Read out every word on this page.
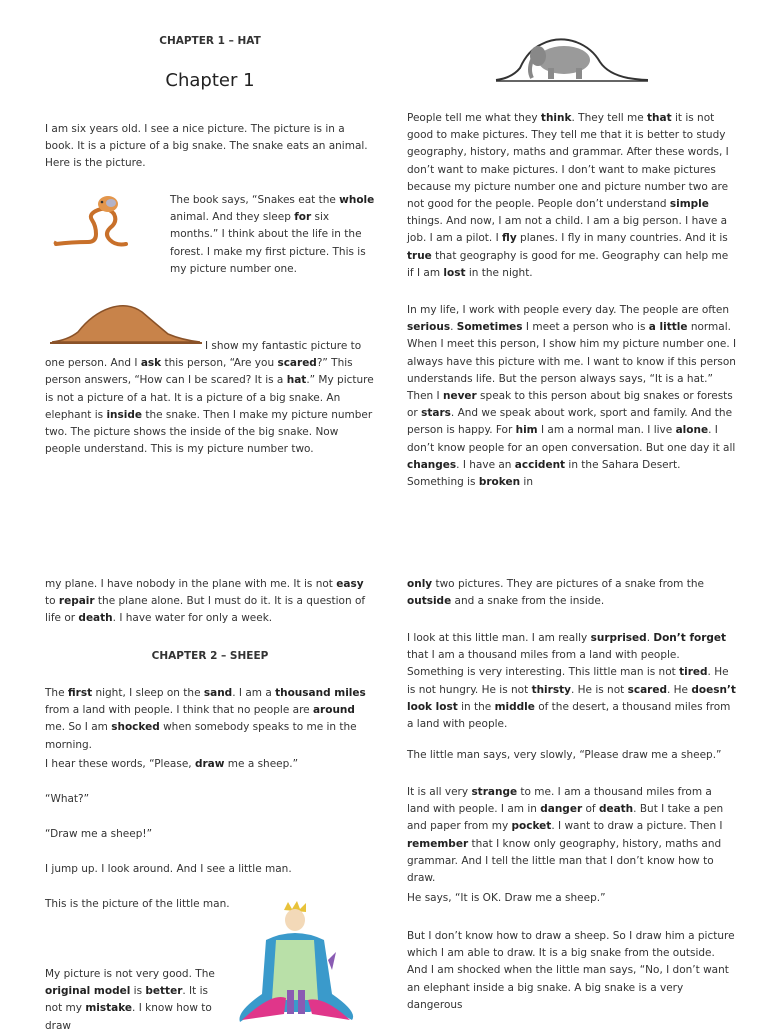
CHAPTER 1 – HAT
Chapter 1

I am six years old. I see a nice picture. The picture is in a book. It is a picture of a big snake. The snake eats an animal. Here is the picture.

The book says, “Snakes eat the whole animal. And they sleep for six months.” I think about the life in the forest. I make my first picture. This is my picture number one.

I show my fantastic picture to one person. And I ask this person, “Are you scared?” This person answers, “How can I be scared? It is a hat.” My picture is not a picture of a hat. It is a picture of a big snake. An elephant is inside the snake. Then I make my picture number two. The picture shows the inside of the big snake. Now people understand. This is my picture number two.

People tell me what they think. They tell me that it is not good to make pictures. They tell me that it is better to study geography, history, maths and grammar. After these words, I don’t want to make pictures. I don’t want to make pictures because my picture number one and picture number two are not good for the people. People don’t understand simple things. And now, I am not a child. I am a big person. I have a job. I am a pilot. I fly planes. I fly in many countries. And it is true that geography is good for me. Geography can help me if I am lost in the night.

In my life, I work with people every day. The people are often serious. Sometimes I meet a person who is a little normal. When I meet this person, I show him my picture number one. I always have this picture with me. I want to know if this person understands life. But the person always says, “It is a hat.” Then I never speak to this person about big snakes or forests or stars. And we speak about work, sport and family. And the person is happy. For him I am a normal man. I live alone. I don’t know people for an open conversation. But one day it all changes. I have an accident in the Sahara Desert. Something is broken in

my plane. I have nobody in the plane with me. It is not easy to repair the plane alone. But I must do it. It is a question of life or death. I have water for only a week.

CHAPTER 2 – SHEEP

The first night, I sleep on the sand. I am a thousand miles from a land with people. I think that no people are around me. So I am shocked when somebody speaks to me in the morning.

I hear these words, “Please, draw me a sheep.”

“What?”

“Draw me a sheep!”

I jump up. I look around. And I see a little man.

This is the picture of the little man.

My picture is not very good. The original model is better. It is not my mistake. I know how to draw

only two pictures. They are pictures of a snake from the outside and a snake from the inside.

I look at this little man. I am really surprised. Don’t forget that I am a thousand miles from a land with people. Something is very interesting. This little man is not tired. He is not hungry. He is not thirsty. He is not scared. He doesn’t look lost in the middle of the desert, a thousand miles from a land with people.

The little man says, very slowly, “Please draw me a sheep.”

It is all very strange to me. I am a thousand miles from a land with people. I am in danger of death. But I take a pen and paper from my pocket. I want to draw a picture. Then I remember that I know only geography, history, maths and grammar. And I tell the little man that I don’t know how to draw.

He says, “It is OK. Draw me a sheep.”

But I don’t know how to draw a sheep. So I draw him a picture which I am able to draw. It is a big snake from the outside. And I am shocked when the little man says, “No, I don’t want an elephant inside a big snake. A big snake is a very dangerous
